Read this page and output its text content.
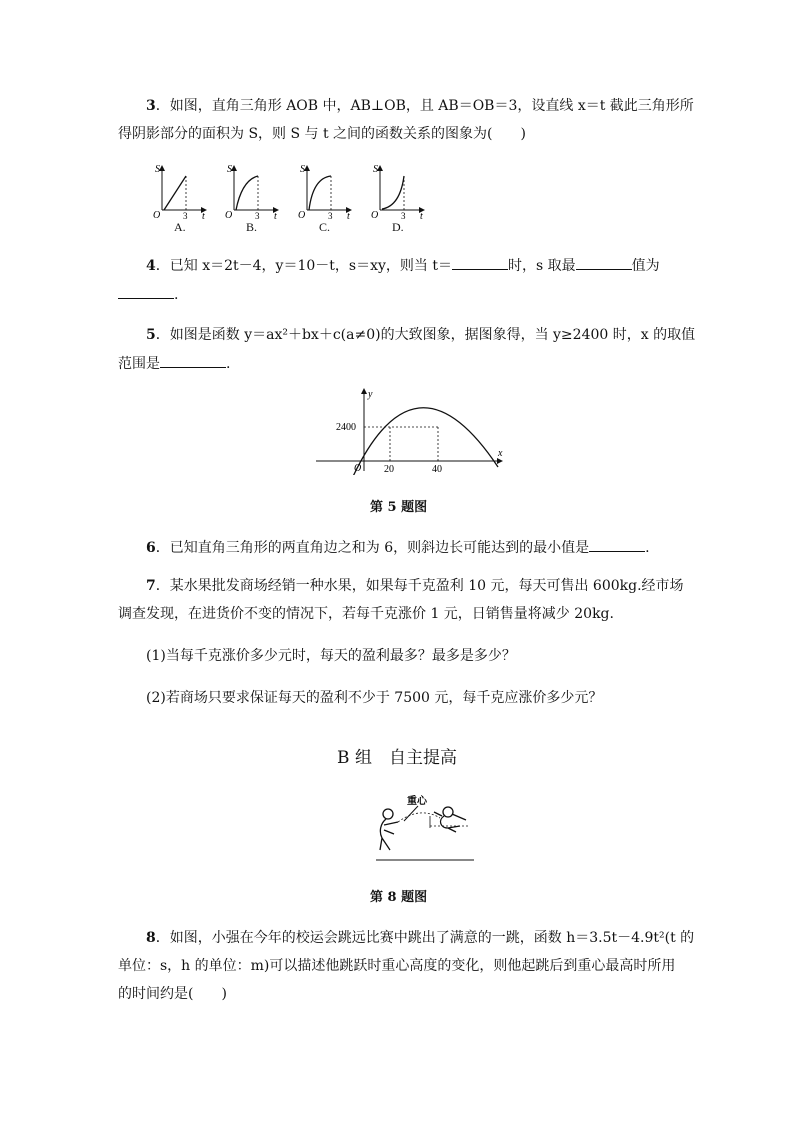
3．如图，直角三角形 AOB 中，AB⊥OB，且 AB＝OB＝3，设直线 x＝t 截此三角形所
得阴影部分的面积为 S，则 S 与 t 之间的函数关系的图象为(　　)
S
O	3 t
S
O	3 t
S
O	3 t
S
O	3 t
A.	B.	C.	D.
4．已知 x＝2t－4，y＝10－t，s＝xy，则当 t＝	时，s 取最	值为
.
5．如图是函数 y＝ax²＋bx＋c(a≠0)的大致图象，据图象得，当 y≥2400 时，x 的取值
范围是	.
y
x
O
2400
20	40
第 5 题图
6．已知直角三角形的两直角边之和为 6，则斜边长可能达到的最小值是	.
7．某水果批发商场经销一种水果，如果每千克盈利 10 元，每天可售出 600kg.经市场
调查发现，在进货价不变的情况下，若每千克涨价 1 元，日销售量将减少 20kg.
(1)当每千克涨价多少元时，每天的盈利最多？最多是多少？
(2)若商场只要求保证每天的盈利不少于 7500 元，每千克应涨价多少元？
B 组　自主提高
重心
第 8 题图
8．如图，小强在今年的校运会跳远比赛中跳出了满意的一跳，函数 h＝3.5t－4.9t²(t 的
单位：s，h 的单位：m)可以描述他跳跃时重心高度的变化，则他起跳后到重心最高时所用
的时间约是(　　)
